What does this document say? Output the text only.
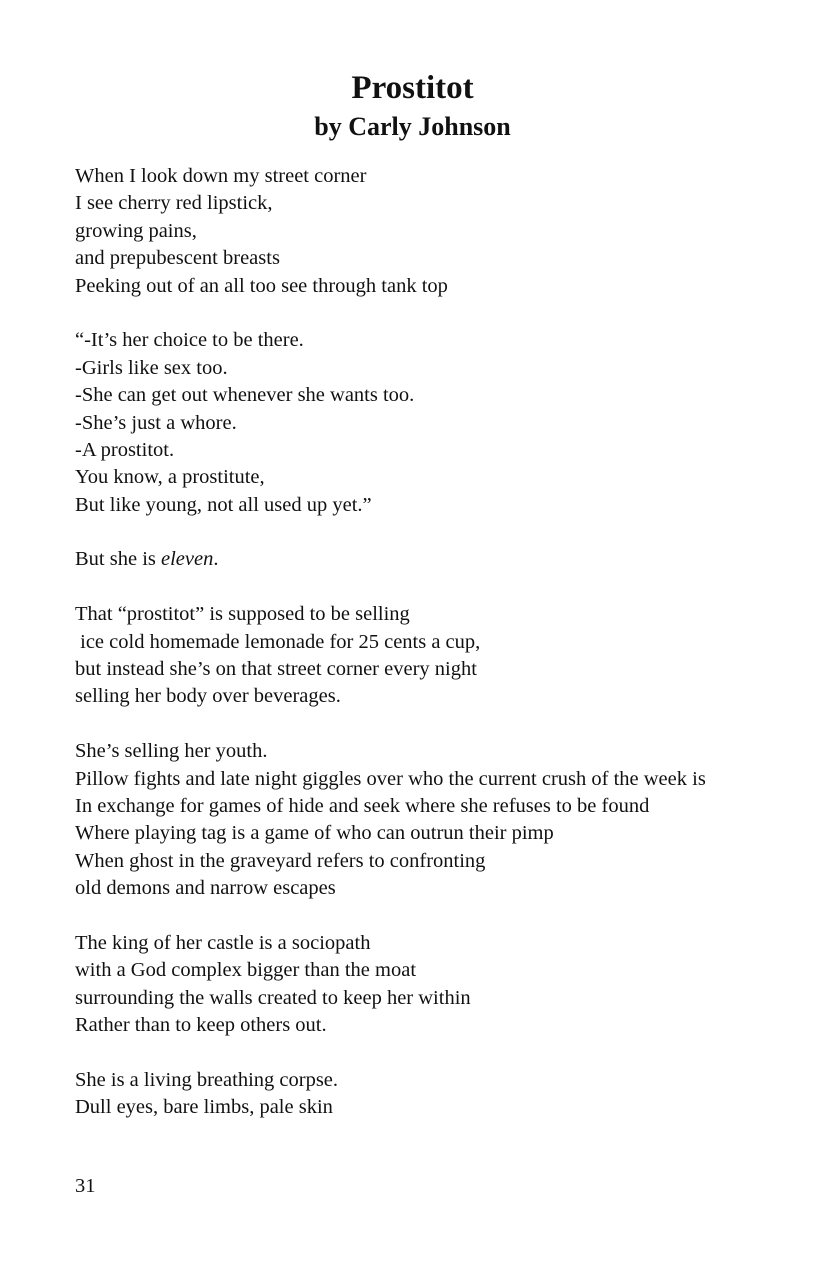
Prostitot
by Carly Johnson
When I look down my street corner
I see cherry red lipstick,
growing pains,
and prepubescent breasts
Peeking out of an all too see through tank top
“-It’s her choice to be there.
-Girls like sex too.
-She can get out whenever she wants too.
-She’s just a whore.
-A prostitot.
You know, a prostitute,
But like young, not all used up yet.”
But she is eleven.
That “prostitot” is supposed to be selling
ice cold homemade lemonade for 25 cents a cup,
but instead she’s on that street corner every night
selling her body over beverages.
She’s selling her youth.
Pillow fights and late night giggles over who the current crush of the week is
In exchange for games of hide and seek where she refuses to be found
Where playing tag is a game of who can outrun their pimp
When ghost in the graveyard refers to confronting
old demons and narrow escapes
The king of her castle is a sociopath
with a God complex bigger than the moat
surrounding the walls created to keep her within
Rather than to keep others out.
She is a living breathing corpse.
Dull eyes, bare limbs, pale skin
31
